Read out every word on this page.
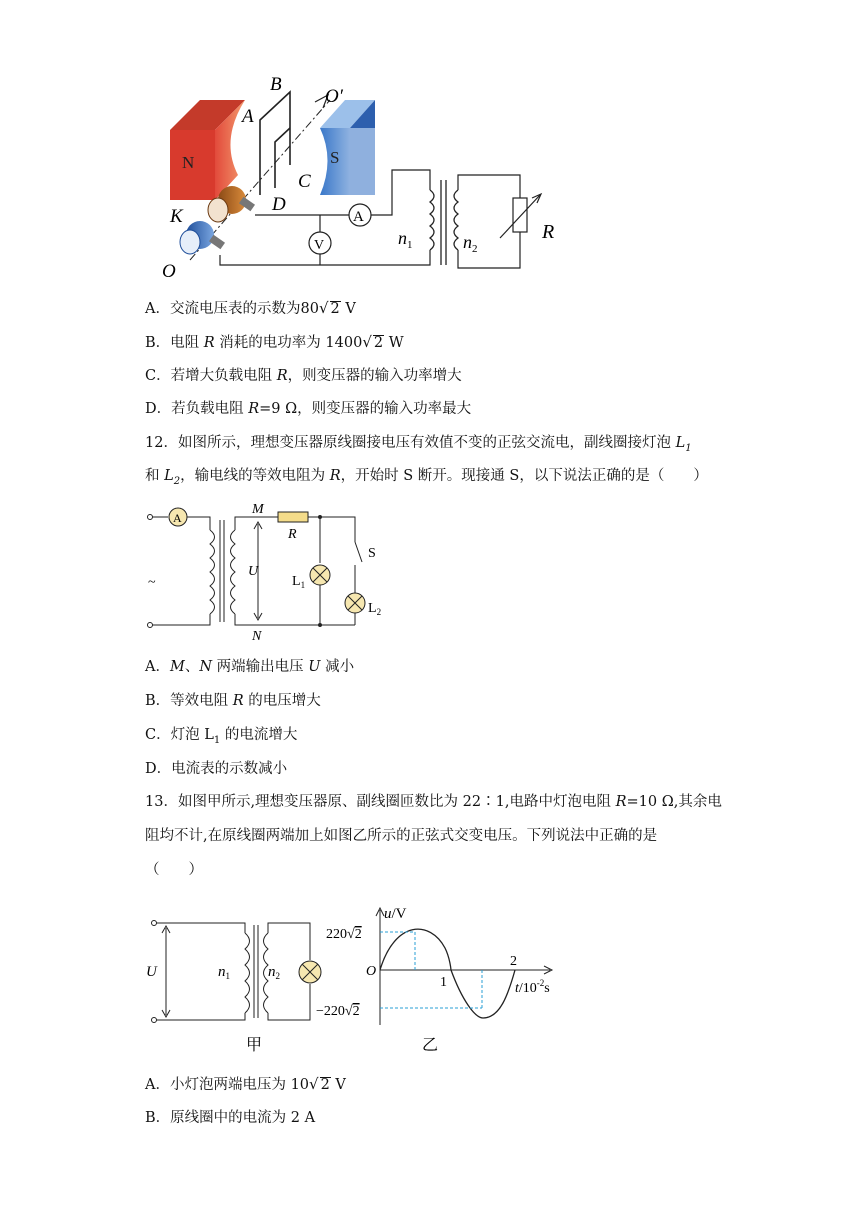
N	S
B
A
C
D
O′
K
O
A
V	$n_1$	$n_2$
R
A．交流电压表的示数为80√ 2 V
B．电阻 R 消耗的电功率为 1400√ 2 W
C．若增大负载电阻 R，则变压器的输入功率增大
D．若负载电阻 R=9 Ω，则变压器的输入功率最大
12．如图所示，理想变压器原线圈接电压有效值不变的正弦交流电，副线圈接灯泡 $L_1$
和 $L_2$，输电线的等效电阻为 R，开始时 S 断开。现接通 S，以下说法正确的是（　　）
A
~
M
R
U
S
$L_1$
$L_2$
N
A．M、N 两端输出电压 U 减小
B．等效电阻 R 的电压增大
C．灯泡 $L_1$ 的电流增大
D．电流表的示数减小
13．如图甲所示,理想变压器原、副线圈匝数比为 22∶1,电路中灯泡电阻 R=10 Ω,其余电
阻均不计,在原线圈两端加上如图乙所示的正弦式交变电压。下列说法中正确的是
（　　）
U	$n_1$	$n_2$
甲
u/V
220√2
−220√2
O
1
2
$t/10^{-2}s$
乙
A．小灯泡两端电压为 10√ 2 V
B．原线圈中的电流为 2 A
